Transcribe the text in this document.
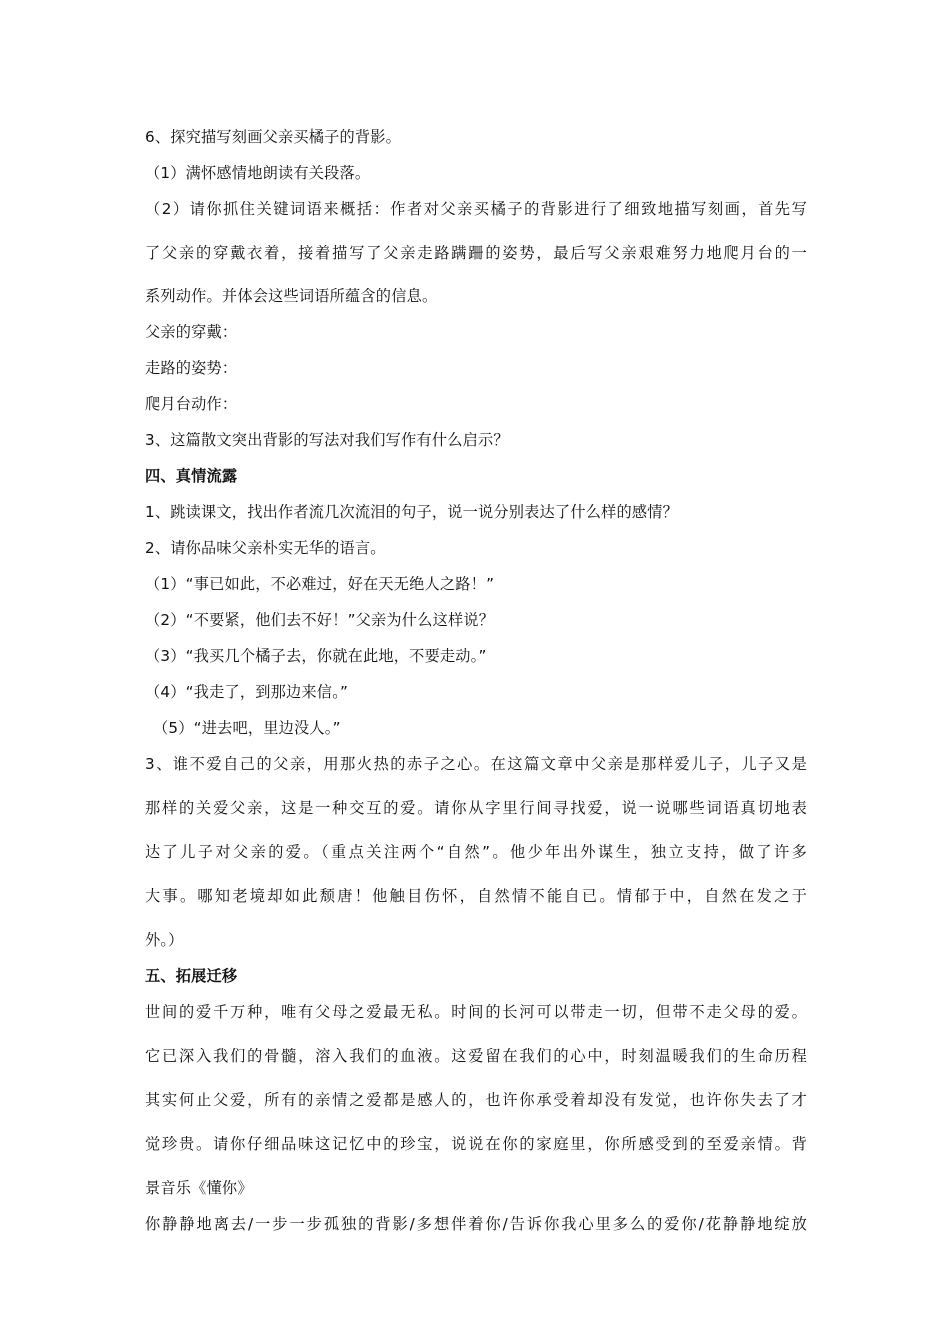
6、探究描写刻画父亲买橘子的背影。
（1）满怀感情地朗读有关段落。
（2）请你抓住关键词语来概括：作者对父亲买橘子的背影进行了细致地描写刻画，首先写
了父亲的穿戴衣着，接着描写了父亲走路蹒跚的姿势，最后写父亲艰难努力地爬月台的一
系列动作。并体会这些词语所蕴含的信息。
父亲的穿戴：
走路的姿势：
爬月台动作：
3、这篇散文突出背影的写法对我们写作有什么启示？
四、真情流露
1、跳读课文，找出作者流几次流泪的句子，说一说分别表达了什么样的感情？
2、请你品味父亲朴实无华的语言。
（1）“事已如此，不必难过，好在天无绝人之路！”
（2）“不要紧，他们去不好！”父亲为什么这样说？
（3）“我买几个橘子去，你就在此地，不要走动。”
（4）“我走了，到那边来信。”
（5）“进去吧，里边没人。”
3、谁不爱自己的父亲，用那火热的赤子之心。在这篇文章中父亲是那样爱儿子，儿子又是
那样的关爱父亲，这是一种交互的爱。请你从字里行间寻找爱，说一说哪些词语真切地表
达了儿子对父亲的爱。（重点关注两个“自然”。他少年出外谋生，独立支持，做了许多
大事。哪知老境却如此颓唐！他触目伤怀，自然情不能自已。情郁于中，自然在发之于
外。）
五、拓展迁移
世间的爱千万种，唯有父母之爱最无私。时间的长河可以带走一切，但带不走父母的爱。
它已深入我们的骨髓，溶入我们的血液。这爱留在我们的心中，时刻温暖我们的生命历程
其实何止父爱，所有的亲情之爱都是感人的，也许你承受着却没有发觉，也许你失去了才
觉珍贵。请你仔细品味这记忆中的珍宝，说说在你的家庭里，你所感受到的至爱亲情。背
景音乐《懂你》
你静静地离去/一步一步孤独的背影/多想伴着你/告诉你我心里多么的爱你/花静静地绽放
